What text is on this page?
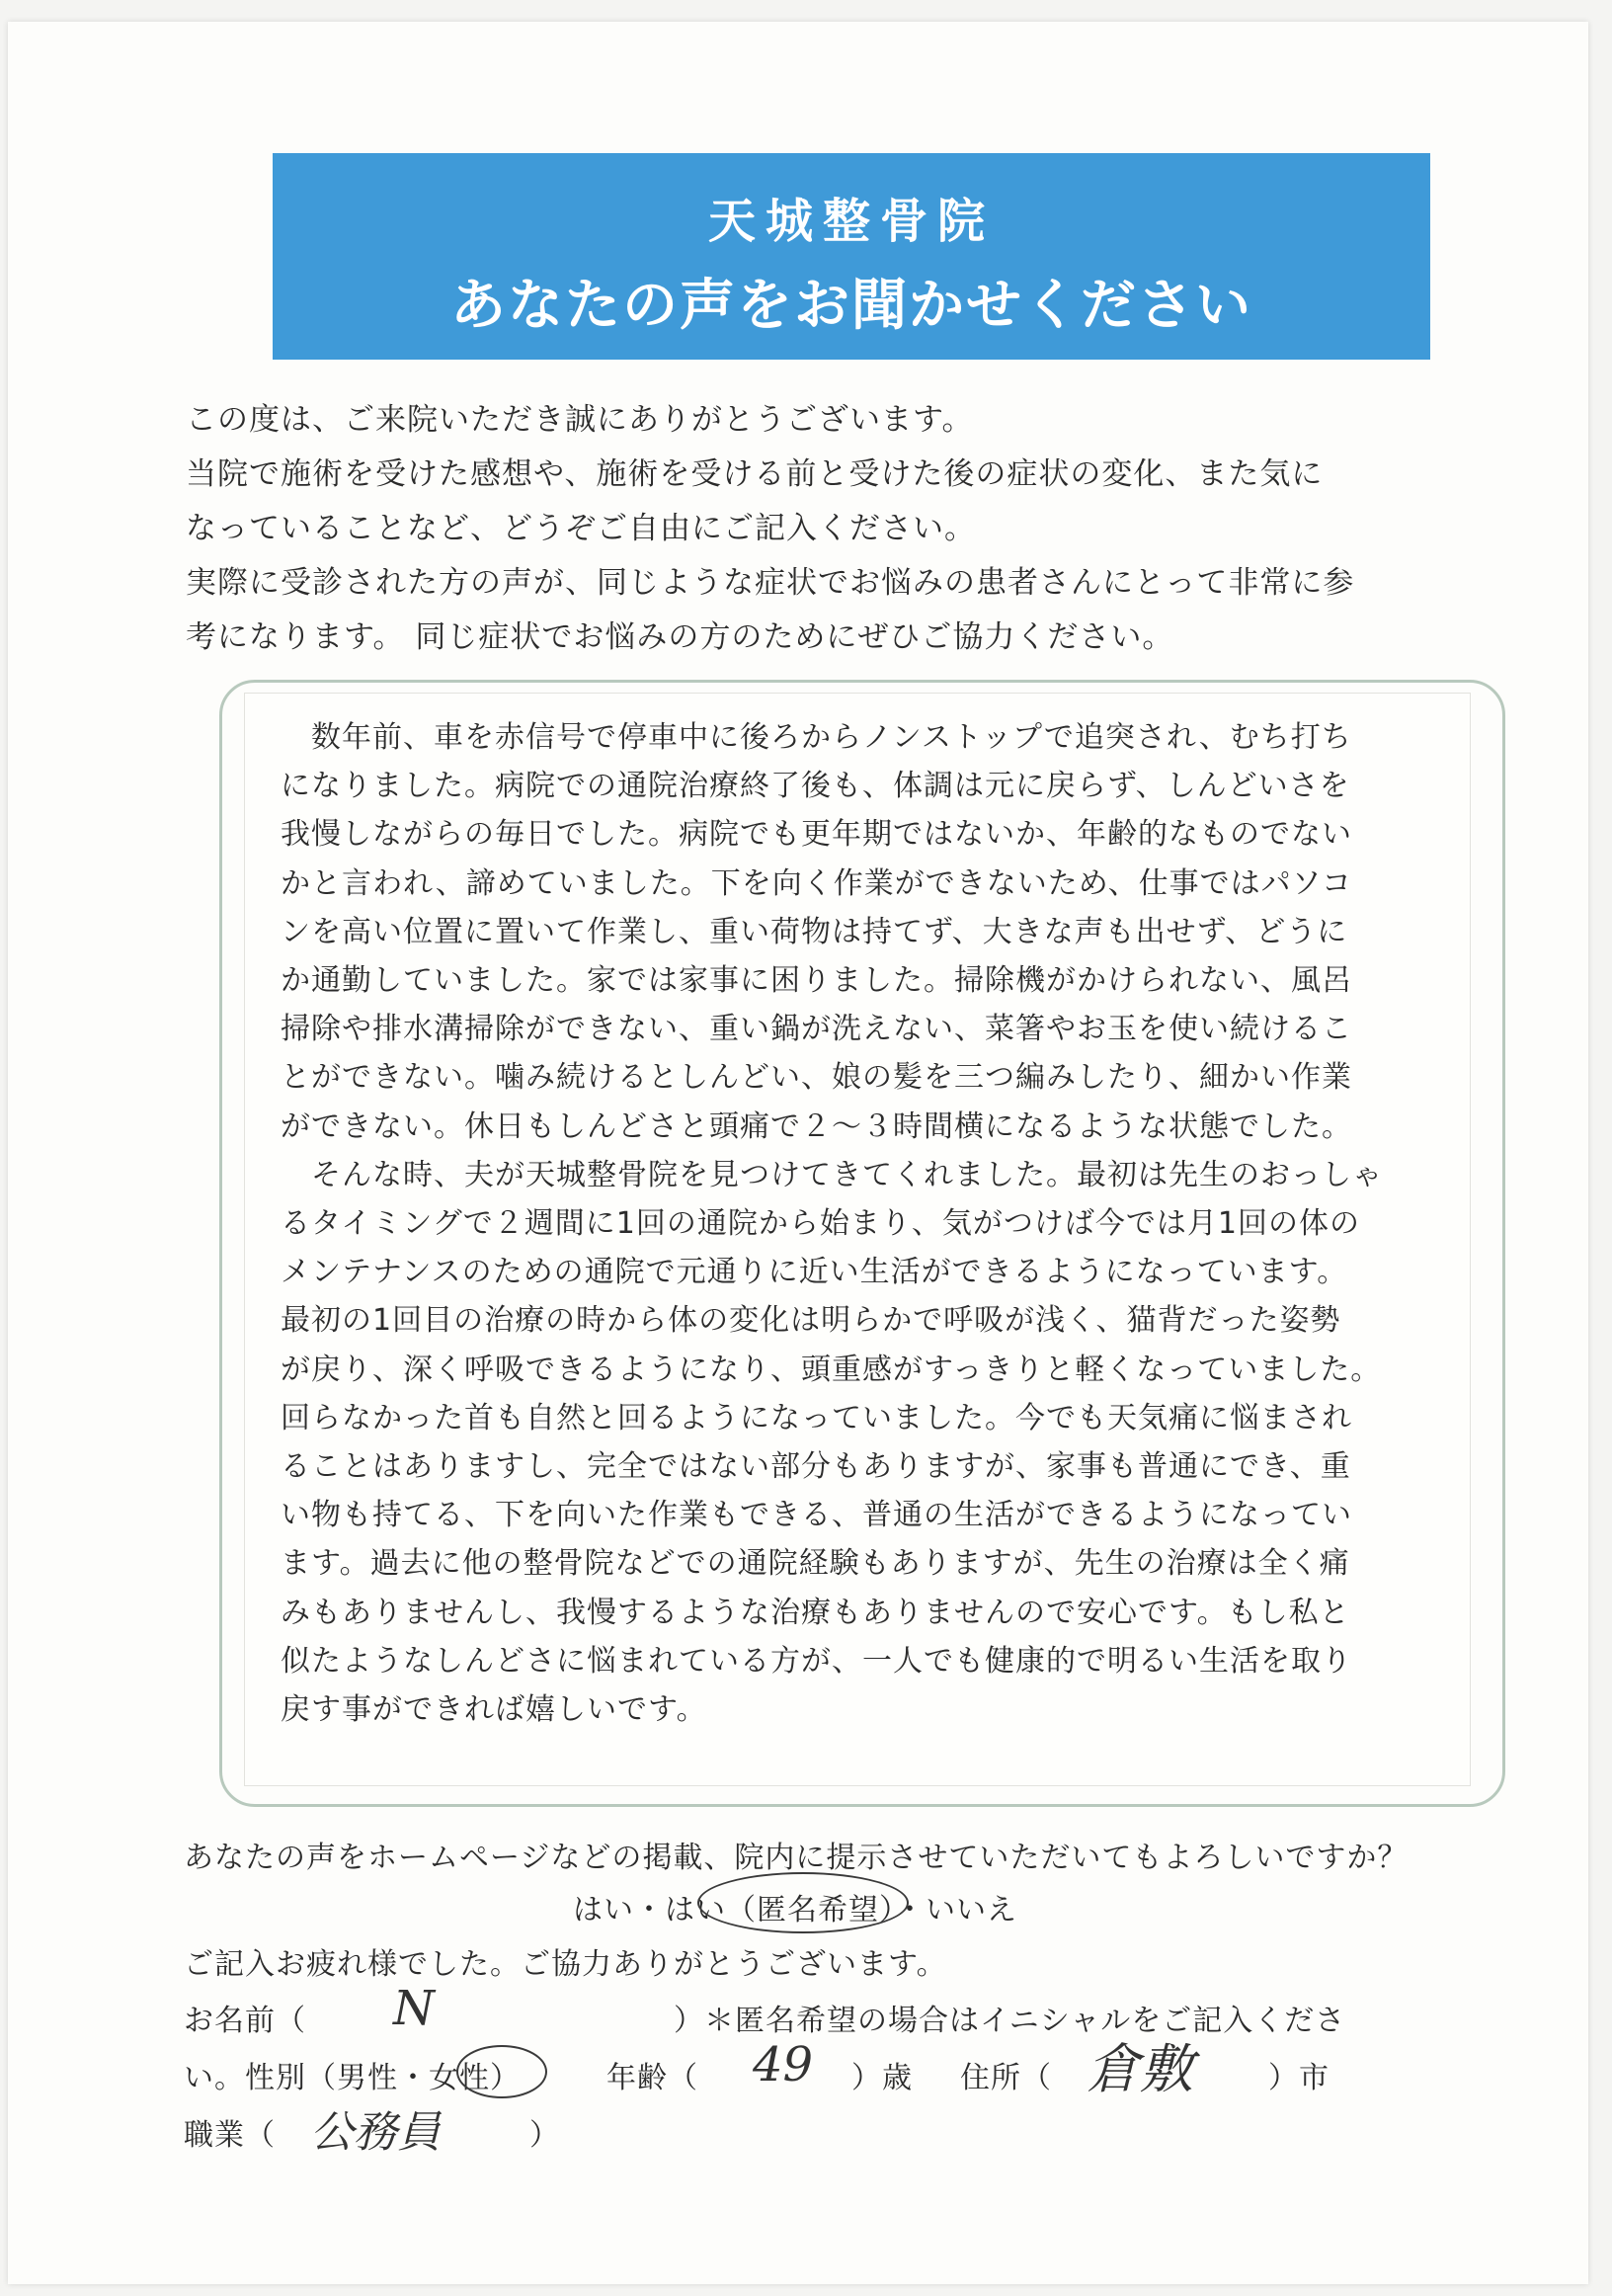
天城整骨院
あなたの声をお聞かせください
この度は、ご来院いただき誠にありがとうございます。
当院で施術を受けた感想や、施術を受ける前と受けた後の症状の変化、また気に
なっていることなど、どうぞご自由にご記入ください。
実際に受診された方の声が、同じような症状でお悩みの患者さんにとって非常に参
考になります。 同じ症状でお悩みの方のためにぜひご協力ください。
　数年前、車を赤信号で停車中に後ろからノンストップで追突され、むち打ち
になりました。病院での通院治療終了後も、体調は元に戻らず、しんどいさを
我慢しながらの毎日でした。病院でも更年期ではないか、年齢的なものでない
かと言われ、諦めていました。下を向く作業ができないため、仕事ではパソコ
ンを高い位置に置いて作業し、重い荷物は持てず、大きな声も出せず、どうに
か通勤していました。家では家事に困りました。掃除機がかけられない、風呂
掃除や排水溝掃除ができない、重い鍋が洗えない、菜箸やお玉を使い続けるこ
とができない。噛み続けるとしんどい、娘の髪を三つ編みしたり、細かい作業
ができない。休日もしんどさと頭痛で２～３時間横になるような状態でした。
　そんな時、夫が天城整骨院を見つけてきてくれました。最初は先生のおっしゃ
るタイミングで２週間に1回の通院から始まり、気がつけば今では月1回の体の
メンテナンスのための通院で元通りに近い生活ができるようになっています。
最初の1回目の治療の時から体の変化は明らかで呼吸が浅く、猫背だった姿勢
が戻り、深く呼吸できるようになり、頭重感がすっきりと軽くなっていました。
回らなかった首も自然と回るようになっていました。今でも天気痛に悩まされ
ることはありますし、完全ではない部分もありますが、家事も普通にでき、重
い物も持てる、下を向いた作業もできる、普通の生活ができるようになってい
ます。過去に他の整骨院などでの通院経験もありますが、先生の治療は全く痛
みもありませんし、我慢するような治療もありませんので安心です。もし私と
似たようなしんどさに悩まれている方が、一人でも健康的で明るい生活を取り
戻す事ができれば嬉しいです。
あなたの声をホームページなどの掲載、院内に提示させていただいてもよろしいですか？
はい・はい（匿名希望）・いいえ
ご記入お疲れ様でした。ご協力ありがとうございます。
お名前（ N	）＊匿名希望の場合はイニシャルをご記入くださ
い。性別（男性・女性）	年齢（ 49 ）歳 住所（ 倉敷	）市
職業（ 公務員	）
